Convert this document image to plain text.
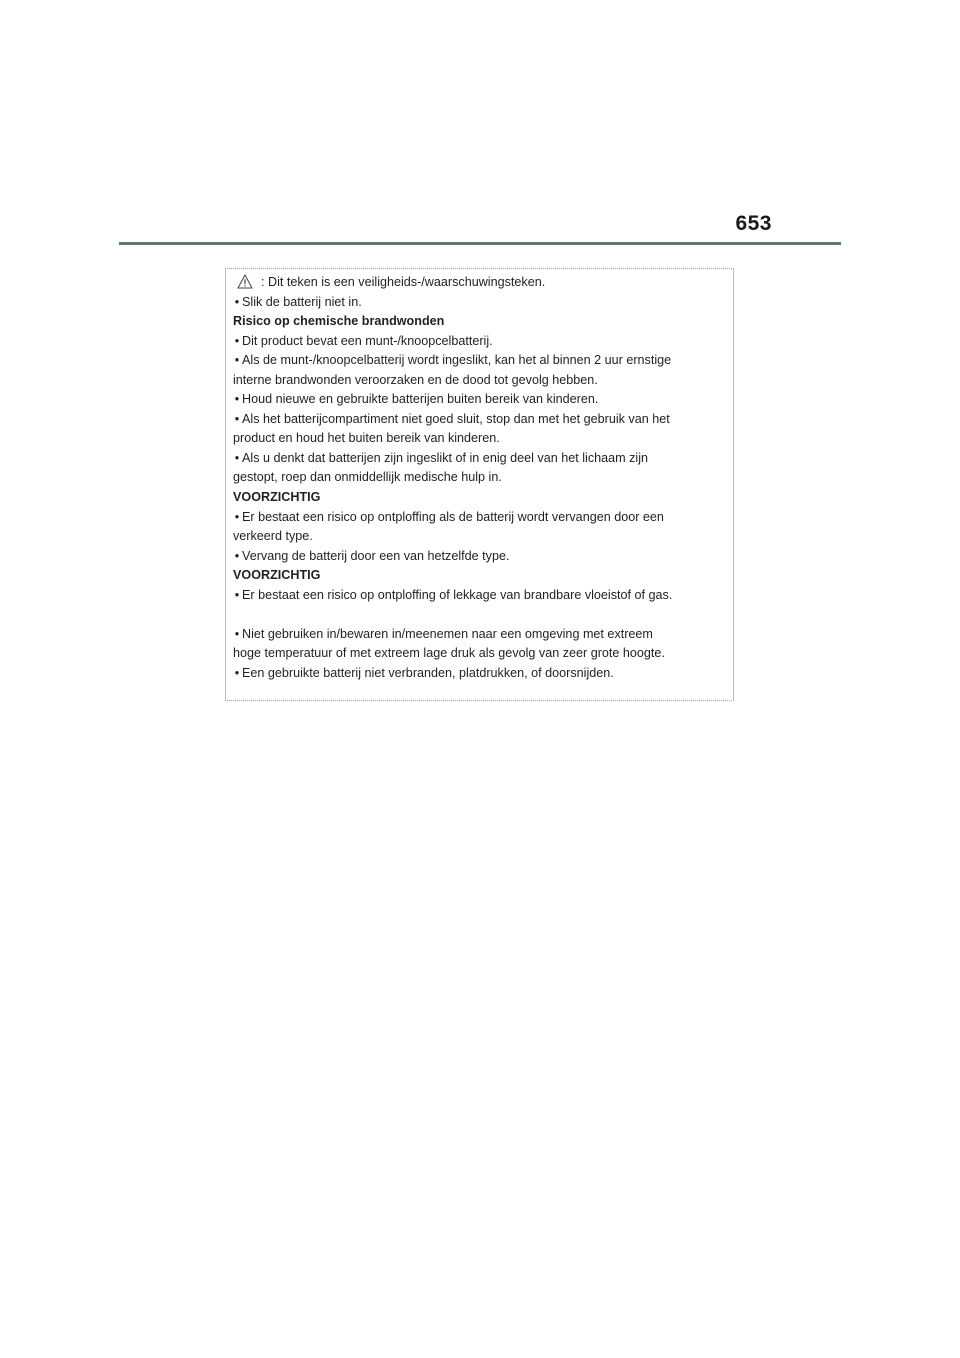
653
: Dit teken is een veiligheids-/waarschuwingsteken.
• Slik de batterij niet in.
Risico op chemische brandwonden
• Dit product bevat een munt-/knoopcelbatterij.
• Als de munt-/knoopcelbatterij wordt ingeslikt, kan het al binnen 2 uur ernstige
interne brandwonden veroorzaken en de dood tot gevolg hebben.
• Houd nieuwe en gebruikte batterijen buiten bereik van kinderen.
• Als het batterijcompartiment niet goed sluit, stop dan met het gebruik van het
product en houd het buiten bereik van kinderen.
• Als u denkt dat batterijen zijn ingeslikt of in enig deel van het lichaam zijn
gestopt, roep dan onmiddellijk medische hulp in.
VOORZICHTIG
• Er bestaat een risico op ontploffing als de batterij wordt vervangen door een
verkeerd type.
• Vervang de batterij door een van hetzelfde type.
VOORZICHTIG
• Er bestaat een risico op ontploffing of lekkage van brandbare vloeistof of gas.
• Niet gebruiken in/bewaren in/meenemen naar een omgeving met extreem
hoge temperatuur of met extreem lage druk als gevolg van zeer grote hoogte.
• Een gebruikte batterij niet verbranden, platdrukken, of doorsnijden.
